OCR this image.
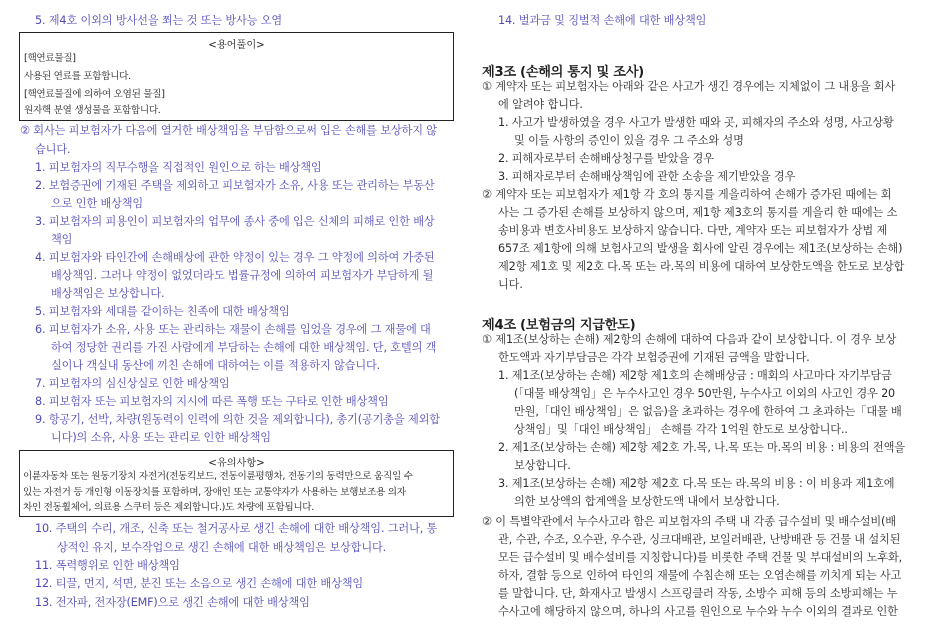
5. 제4호 이외의 방사선을 쬐는 것 또는 방사능 오염
<용어풀이>
[핵연료물질]
사용된 연료를 포함합니다.
[핵연료물질에 의하여 오염된 물질]
원자핵 분열 생성물을 포함합니다.
② 회사는 피보험자가 다음에 열거한 배상책임을 부담함으로써 입은 손해를 보상하지 않
습니다.
1. 피보험자의 직무수행을 직접적인 원인으로 하는 배상책임
2. 보험증권에 기재된 주택을 제외하고 피보험자가 소유, 사용 또는 관리하는 부동산
으로 인한 배상책임
3. 피보험자의 피용인이 피보험자의 업무에 종사 중에 입은 신체의 피해로 인한 배상
책임
4. 피보험자와 타인간에 손해배상에 관한 약정이 있는 경우 그 약정에 의하여 가중된
배상책임. 그러나 약정이 없었더라도 법률규정에 의하여 피보험자가 부담하게 될
배상책임은 보상합니다.
5. 피보험자와 세대를 같이하는 친족에 대한 배상책임
6. 피보험자가 소유, 사용 또는 관리하는 재물이 손해를 입었을 경우에 그 재물에 대
하여 정당한 권리를 가진 사람에게 부담하는 손해에 대한 배상책임. 단, 호텔의 객
실이나 객실내 동산에 끼친 손해에 대하여는 이를 적용하지 않습니다.
7. 피보험자의 심신상실로 인한 배상책임
8. 피보험자 또는 피보험자의 지시에 따른 폭행 또는 구타로 인한 배상책임
9. 항공기, 선박, 차량(원동력이 인력에 의한 것을 제외합니다), 총기(공기총을 제외합
니다)의 소유, 사용 또는 관리로 인한 배상책임
<유의사항>
이륜자동차 또는 원동기장치 자전거(전동킥보드, 전동이륜평행차, 전동기의 동력만으로 움직일 수
있는 자전거 등 개인형 이동장치를 포함하며, 장애인 또는 교통약자가 사용하는 보행보조용 의자
차인 전동휠체어, 의료용 스쿠터 등은 제외합니다.)도 차량에 포함됩니다.
10. 주택의 수리, 개조, 신축 또는 철거공사로 생긴 손해에 대한 배상책임. 그러나, 통
상적인 유지, 보수작업으로 생긴 손해에 대한 배상책임은 보상합니다.
11. 폭력행위로 인한 배상책임
12. 티끌, 먼지, 석면, 분진 또는 소음으로 생긴 손해에 대한 배상책임
13. 전자파, 전자장(EMF)으로 생긴 손해에 대한 배상책임
14. 벌과금 및 징벌적 손해에 대한 배상책임
제3조 (손해의 통지 및 조사)
① 계약자 또는 피보험자는 아래와 같은 사고가 생긴 경우에는 지체없이 그 내용을 회사
에 알려야 합니다.
1. 사고가 발생하였을 경우 사고가 발생한 때와 곳, 피해자의 주소와 성명, 사고상황
및 이들 사항의 증인이 있을 경우 그 주소와 성명
2. 피해자로부터 손해배상청구를 받았을 경우
3. 피해자로부터 손해배상책임에 관한 소송을 제기받았을 경우
② 계약자 또는 피보험자가 제1항 각 호의 통지를 게을리하여 손해가 증가된 때에는 회
사는 그 증가된 손해를 보상하지 않으며, 제1항 제3호의 통지를 게을리 한 때에는 소
송비용과 변호사비용도 보상하지 않습니다. 다만, 계약자 또는 피보험자가 상법 제
657조 제1항에 의해 보험사고의 발생을 회사에 알린 경우에는 제1조(보상하는 손해)
제2항 제1호 및 제2호 다.목 또는 라.목의 비용에 대하여 보상한도액을 한도로 보상합
니다.
제4조 (보험금의 지급한도)
① 제1조(보상하는 손해) 제2항의 손해에 대하여 다음과 같이 보상합니다. 이 경우 보상
한도액과 자기부담금은 각각 보험증권에 기재된 금액을 말합니다.
1. 제1조(보상하는 손해) 제2항 제1호의 손해배상금 : 매회의 사고마다 자기부담금
(「대물 배상책임」은 누수사고인 경우 50만원, 누수사고 이외의 사고인 경우 20
만원,「대인 배상책임」은 없음)을 초과하는 경우에 한하여 그 초과하는「대물 배
상책임」및「대인 배상책임」 손해를 각각 1억원 한도로 보상합니다..
2. 제1조(보상하는 손해) 제2항 제2호 가.목, 나.목 또는 마.목의 비용 : 비용의 전액을
보상합니다.
3. 제1조(보상하는 손해) 제2항 제2호 다.목 또는 라.목의 비용 : 이 비용과 제1호에
의한 보상액의 합계액을 보상한도액 내에서 보상합니다.
② 이 특별약관에서 누수사고라 함은 피보험자의 주택 내 각종 급수설비 및 배수설비(배
관, 수관, 수조, 오수관, 우수관, 싱크대배관, 보일러배관, 난방배관 등 건물 내 설치된
모든 급수설비 및 배수설비를 지칭합니다)를 비롯한 주택 건물 및 부대설비의 노후화,
하자, 결함 등으로 인하여 타인의 재물에 수침손해 또는 오염손해를 끼치게 되는 사고
를 말합니다. 단, 화재사고 발생시 스프링클러 작동, 소방수 피해 등의 소방피해는 누
수사고에 해당하지 않으며, 하나의 사고를 원인으로 누수와 누수 이외의 결과로 인한
